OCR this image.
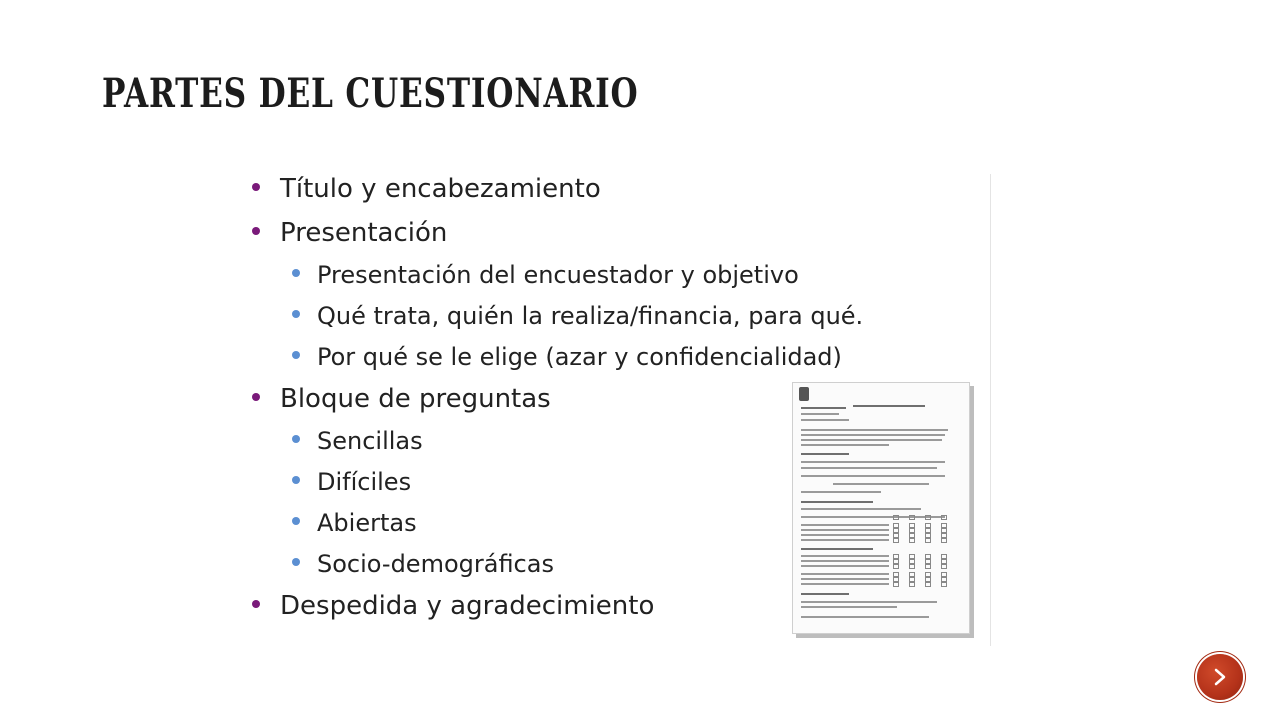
PARTES DEL CUESTIONARIO
Título y encabezamiento
Presentación
Presentación del encuestador y objetivo
Qué trata, quién la realiza/financia, para qué.
Por qué se le elige (azar y confidencialidad)
Bloque de preguntas
Sencillas
Difíciles
Abiertas
Socio-demográficas
Despedida y agradecimiento
